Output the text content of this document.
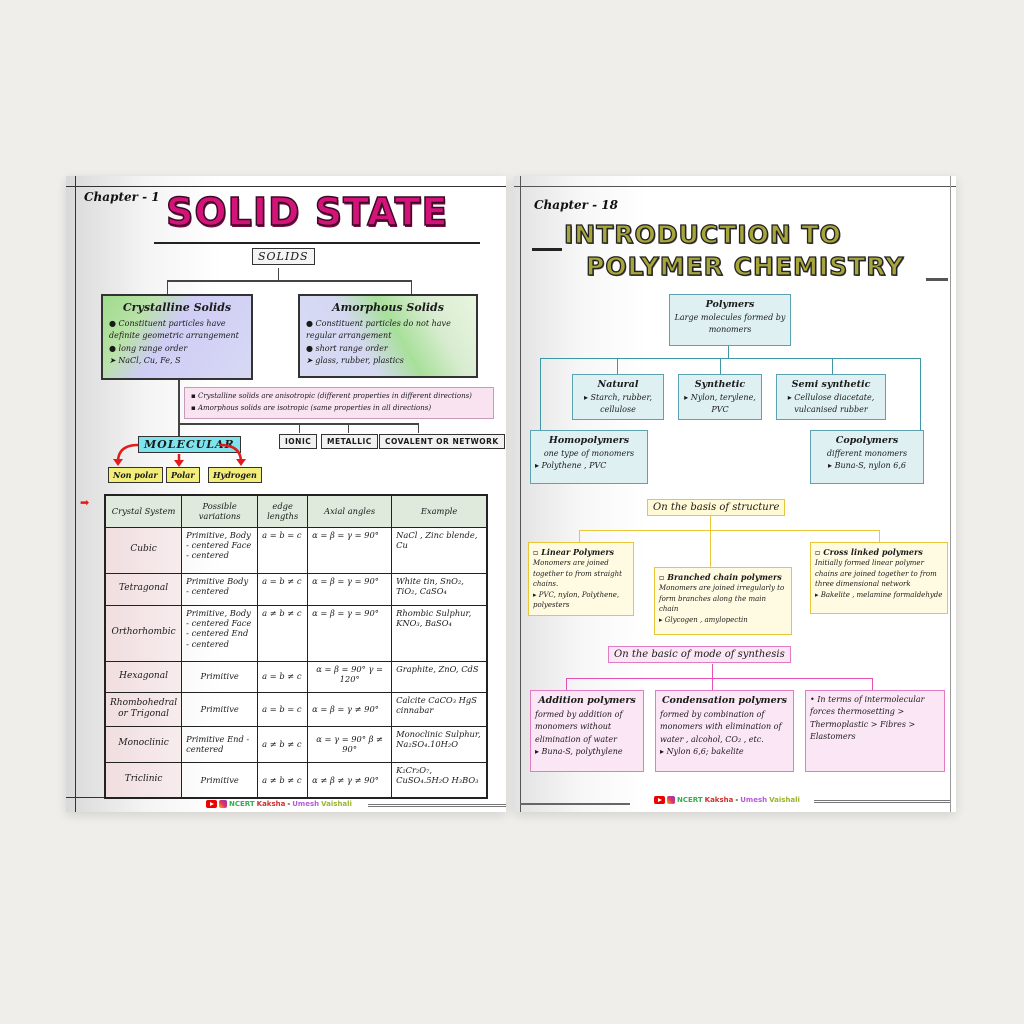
Chapter - 1 SOLID STATE
SOLIDS
Crystalline Solids
● Constituent particles have definite geometric arrangement
● long range order
➤ NaCl, Cu, Fe, S
Amorphous Solids
● Constituent particles do not have regular arrangement
● short range order
➤ glass, rubber, plastics
▪ Crystalline solids are anisotropic (different properties in different directions)
▪ Amorphous solids are isotropic (same properties in all directions)
MOLECULAR	IONIC	METALLIC	COVALENT OR NETWORK
Non polar	Polar	Hydrogen
➡
Crystal System	Possible variations	edge lengths	Axial angles	Example
Cubic	Primitive, Body - centered Face - centered	a = b = c	α = β = γ = 90°	NaCl , Zinc blende, Cu
Tetragonal	Primitive Body - centered	a = b ≠ c	α = β = γ = 90°	White tin, SnO₂, TiO₂, CaSO₄
Orthorhombic	Primitive, Body - centered Face - centered End - centered	a ≠ b ≠ c	α = β = γ = 90°	Rhombic Sulphur, KNO₃, BaSO₄
Hexagonal	Primitive	a = b ≠ c	α = β = 90° γ = 120°	Graphite, ZnO, CdS
Rhombohedral or Trigonal	Primitive	a = b = c	α = β = γ ≠ 90°	Calcite CaCO₃ HgS cinnabar
Monoclinic	Primitive End - centered	a ≠ b ≠ c	α = γ = 90° β ≠ 90°	Monoclinic Sulphur, Na₂SO₄.10H₂O
Triclinic	Primitive	a ≠ b ≠ c	α ≠ β ≠ γ ≠ 90°	K₂Cr₂O₇, CuSO₄.5H₂O H₃BO₃
NCERT Kaksha - Umesh Vaishali
Chapter - 18
INTRODUCTION TO
POLYMER CHEMISTRY
Polymers
Large molecules formed by monomers
Natural
▸ Starch, rubber, cellulose
Synthetic
▸ Nylon, terylene, PVC
Semi synthetic
▸ Cellulose diacetate, vulcanised rubber
Homopolymers
one type of monomers
▸ Polythene , PVC
Copolymers
different monomers
▸ Buna-S, nylon 6,6
On the basis of structure
▫ Linear Polymers
Monomers are joined together to from straight chains.
▸ PVC, nylon, Polythene, polyesters
▫ Branched chain polymers
Monomers are joined irregularly to form branches along the main chain
▸ Glycogen , amylopectin
▫ Cross linked polymers
Initially formed linear polymer chains are joined together to from three dimensional network
▸ Bakelite , melamine formaldehyde
On the basic of mode of synthesis
Addition polymers
formed by addition of monomers without elimination of water
▸ Buna-S, polythylene
Condensation polymers
formed by combination of monomers with elimination of water , alcohol, CO₂ , etc.
▸ Nylon 6,6; bakelite
• In terms of intermolecular forces thermosetting > Thermoplastic > Fibres > Elastomers
NCERT Kaksha - Umesh Vaishali
